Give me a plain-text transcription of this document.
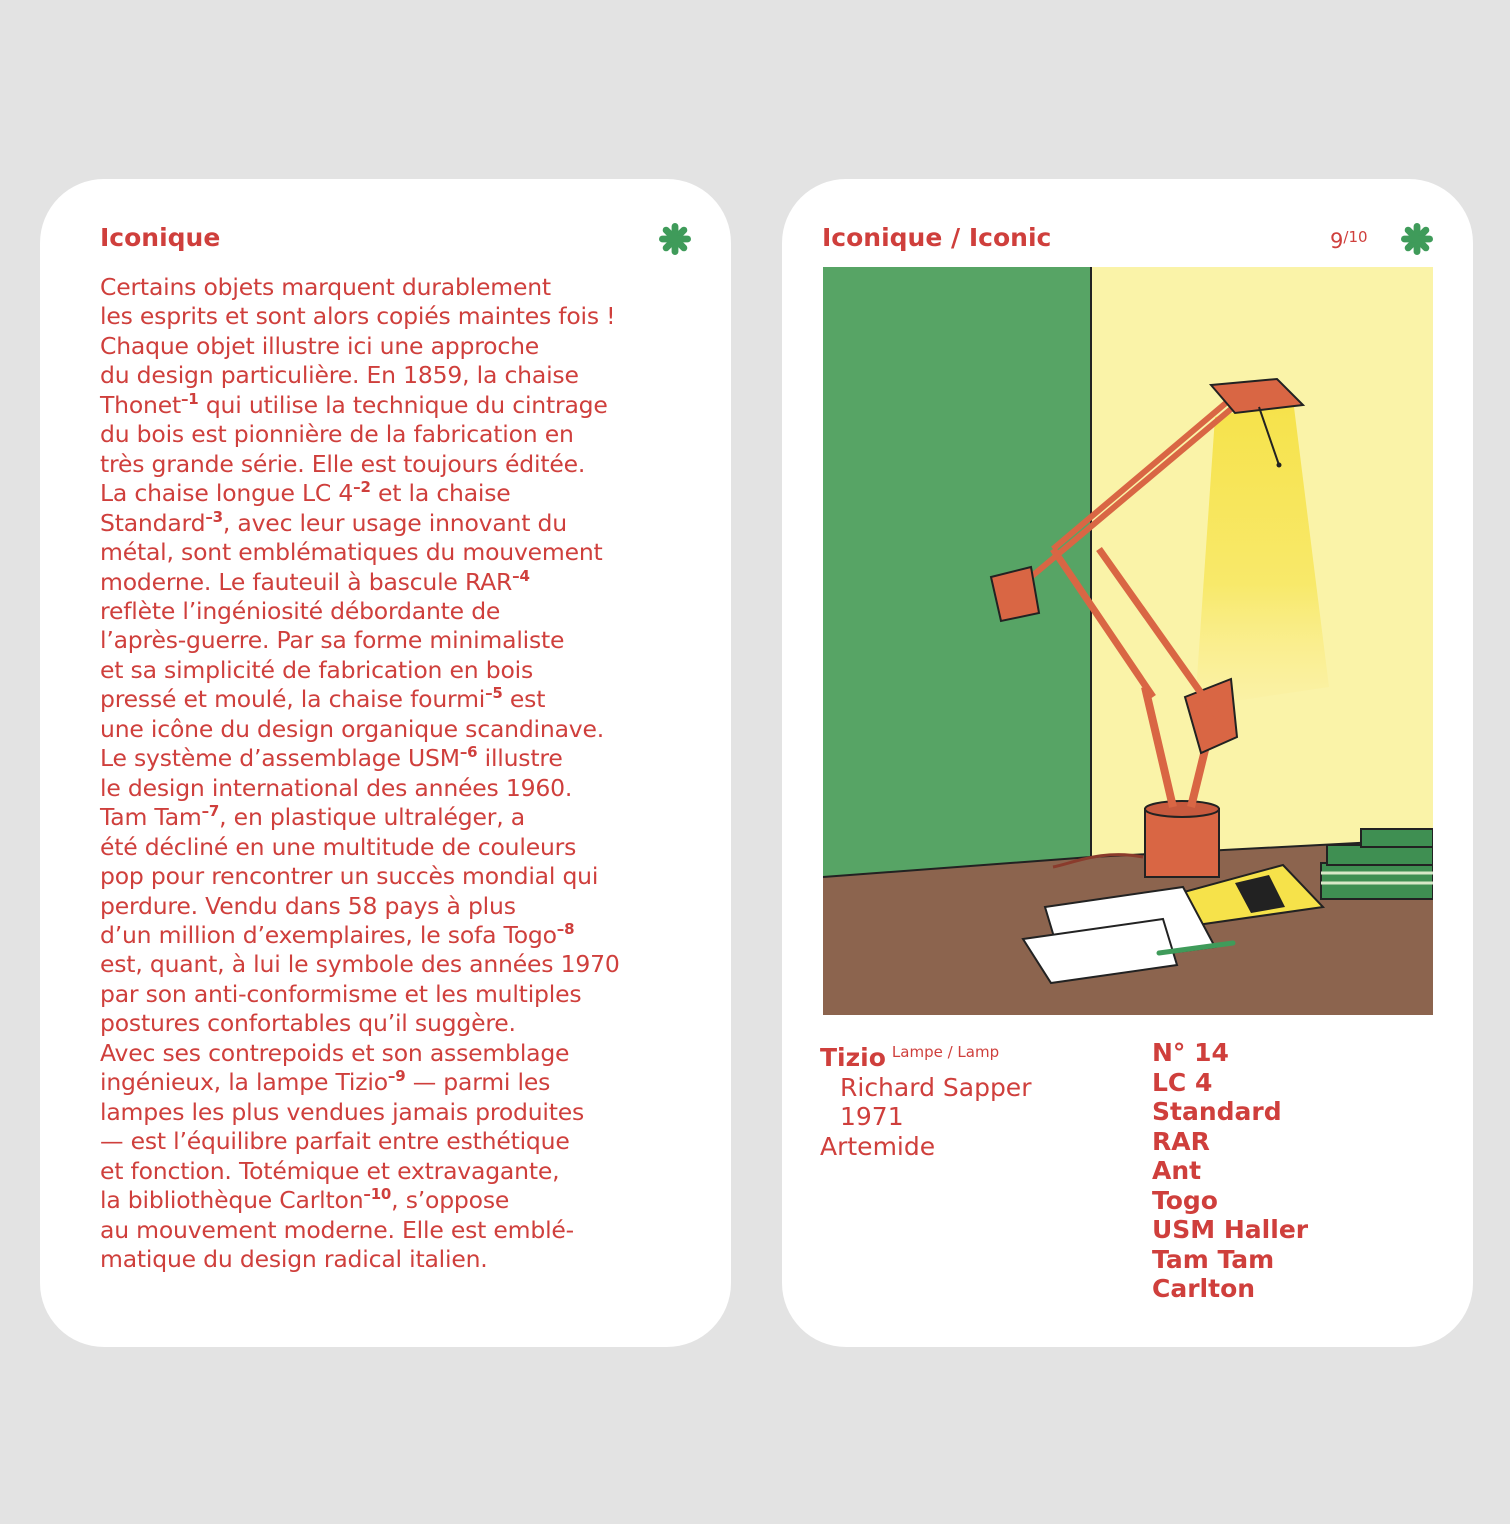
Iconique

Certains objets marquent durablement
les esprits et sont alors copiés maintes fois !
Chaque objet illustre ici une approche
du design particulière. En 1859, la chaise
Thonet$^{-1}$ qui utilise la technique du cintrage
du bois est pionnière de la fabrication en
très grande série. Elle est toujours éditée.
La chaise longue LC $4^{-2}$ et la chaise
Standard$^{-3}$, avec leur usage innovant du
métal, sont emblématiques du mouvement
moderne. Le fauteuil à bascule $RAR^{-4}$
reflète l’ingéniosité débordante de
l’après-guerre. Par sa forme minimaliste
et sa simplicité de fabrication en bois
pressé et moulé, la chaise fourmi$^{-5}$ est
une icône du design organique scandinave.
Le système d’assemblage $USM^{-6}$ illustre
le design international des années 1960.
Tam Tam$^{-7}$, en plastique ultraléger, a
été décliné en une multitude de couleurs
pop pour rencontrer un succès mondial qui
perdure. Vendu dans 58 pays à plus
d’un million d’exemplaires, le sofa Togo$^{-8}$
est, quant, à lui le symbole des années 1970
par son anti-conformisme et les multiples
postures confortables qu’il suggère.
Avec ses contrepoids et son assemblage
ingénieux, la lampe Tizio$^{-9}$ — parmi les
lampes les plus vendues jamais produites
— est l’équilibre parfait entre esthétique
et fonction. Totémique et extravagante,
la bibliothèque Carlton$^{-10}$, s’oppose
au mouvement moderne. Elle est emblé-
matique du design radical italien.

Iconique / Iconic	$9^{/10}$
Tizio $^{Lampe / Lamp}$
Richard Sapper
1971
Artemide
N° 14
LC 4
Standard
RAR
Ant
Togo
USM Haller
Tam Tam
Carlton
